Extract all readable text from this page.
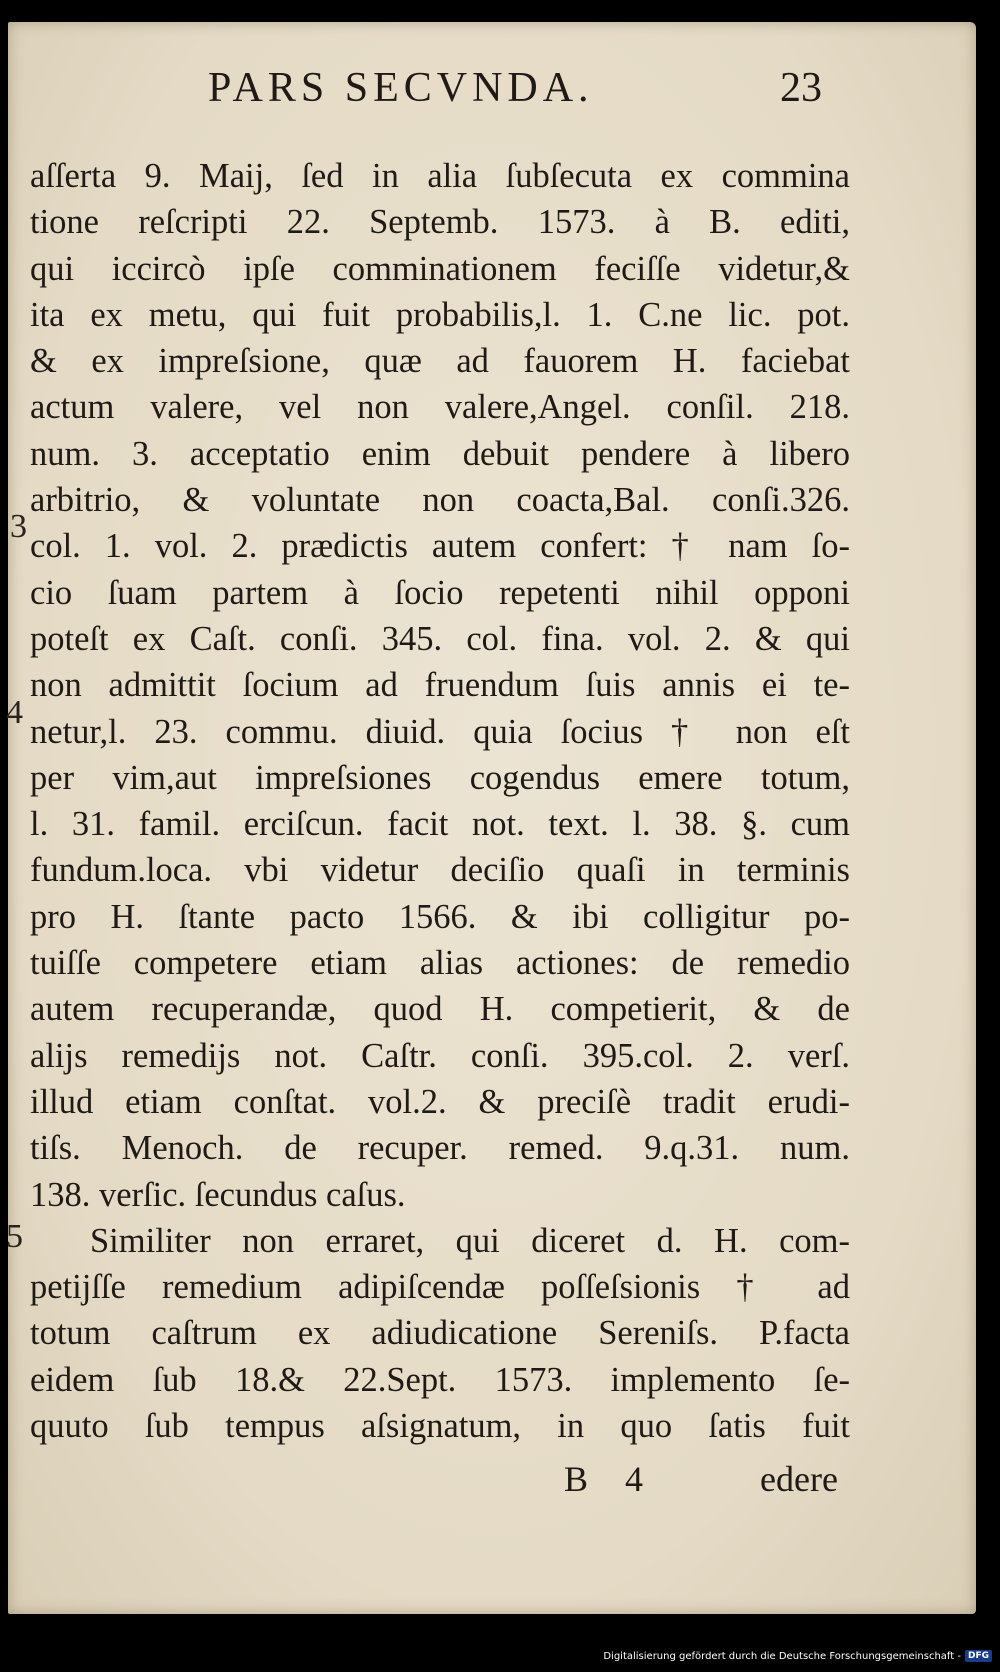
PARS SECVNDA.	23
3
4
5
aſſerta 9. Maij, ſed in alia ſubſecuta ex commina
tione reſcripti 22. Septemb. 1573. à B. editi,
qui iccircò ipſe comminationem feciſſe videtur,&
ita ex metu, qui fuit probabilis,l. 1. C.ne lic. pot.
& ex impreſsione, quæ ad fauorem H. faciebat
actum valere, vel non valere,Angel. conſil. 218.
num. 3. acceptatio enim debuit pendere à libero
arbitrio, & voluntate non coacta,Bal. conſi.326.
col. 1. vol. 2. prædictis autem confert: † nam ſo-
cio ſuam partem à ſocio repetenti nihil opponi
poteſt ex Caſt. conſi. 345. col. fina. vol. 2. & qui
non admittit ſocium ad fruendum ſuis annis ei te-
netur,l. 23. commu. diuid. quia ſocius † non eſt
per vim,aut impreſsiones cogendus emere totum,
l. 31. famil. erciſcun. facit not. text. l. 38. §. cum
fundum.loca. vbi videtur deciſio quaſi in terminis
pro H. ſtante pacto 1566. & ibi colligitur po-
tuiſſe competere etiam alias actiones: de remedio
autem recuperandæ, quod H. competierit, & de
alijs remedijs not. Caſtr. conſi. 395.col. 2. verſ.
illud etiam conſtat. vol.2. & preciſè tradit erudi-
tiſs. Menoch. de recuper. remed. 9.q.31. num.
138. verſic. ſecundus caſus.
Similiter non erraret, qui diceret d. H. com-
petijſſe remedium adipiſcendæ poſſeſsionis † ad
totum caſtrum ex adiudicatione Sereniſs. P.facta
eidem ſub 18.& 22.Sept. 1573. implemento ſe-
quuto ſub tempus aſsignatum, in quo ſatis fuit
B 4	edere
Digitalisierung gefördert durch die Deutsche Forschungsgemeinschaft - DFG
